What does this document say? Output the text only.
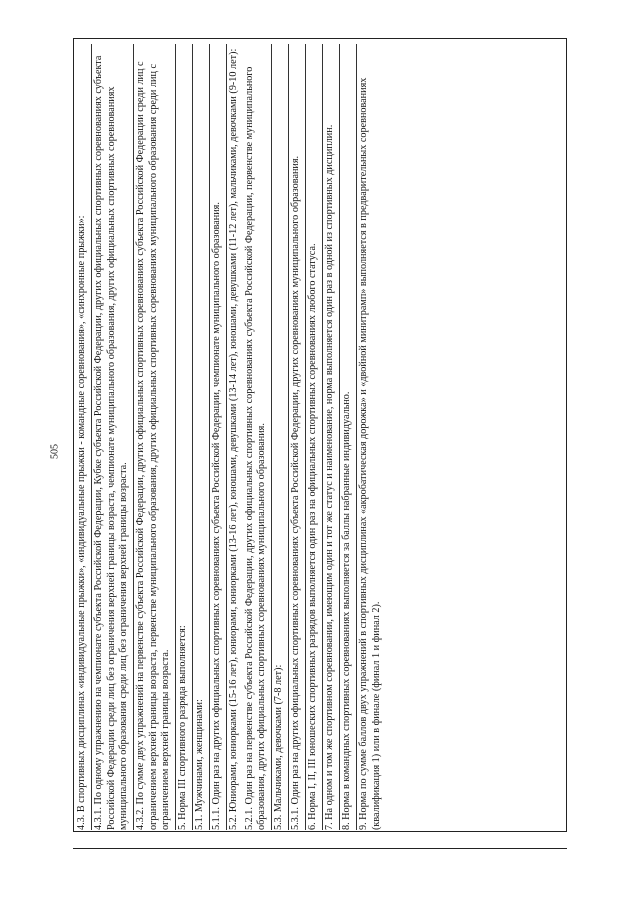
505 4.3. В спортивных дисциплинах «индивидуальные прыжки», «индивидуальные прыжки - командные соревнования», «синхронные прыжки»: 4.3.1. По одному упражнению на чемпионате субъекта Российской Федерации, Кубке субъекта Российской Федерации, других официальных спортивных соревнованиях субъекта Российской Федерации среди лиц без ограничения верхней границы возраста, чемпионате муниципального образования, других официальных спортивных соревнованиях муниципального образования среди лиц без ограничения верхней границы возраста. 4.3.2. По сумме двух упражнений на первенстве субъекта Российской Федерации, других официальных спортивных соревнованиях субъекта Российской Федерации среди лиц с ограничением верхней границы возраста, первенстве муниципального образования, других официальных спортивных соревнованиях муниципального образования среди лиц с ограничением верхней границы возраста. 5. Норма III спортивного разряда выполняется: 5.1. Мужчинами, женщинами: 5.1.1. Один раз на других официальных спортивных соревнованиях субъекта Российской Федерации, чемпионате муниципального образования. 5.2. Юниорами, юниорками (15-16 лет), юниорами, юниорками (13-16 лет), юношами, девушками (13-14 лет), юношами, девушками (11-12 лет), мальчиками, девочками (9-10 лет): 5.2.1. Один раз на первенстве субъекта Российской Федерации, других официальных спортивных соревнованиях субъекта Российской Федерации, первенстве муниципального образования, других официальных спортивных соревнованиях муниципального образования. 5.3. Мальчиками, девочками (7-8 лет): 5.3.1. Один раз на других официальных спортивных соревнованиях субъекта Российской Федерации, других соревнованиях муниципального образования. 6. Норма I, II, III юношеских спортивных разрядов выполняется один раз на официальных спортивных соревнованиях любого статуса. 7. На одном и том же спортивном соревновании, имеющим один и тот же статус и наименование, норма выполняется один раз в одной из спортивных дисциплин. 8. Норма в командных спортивных соревнованиях выполняется за баллы набранные индивидуально. 9. Норма по сумме баллов двух упражнений в спортивных дисциплинах «акробатическая дорожка» и «двойной минитрамп» выполняется в предварительных соревнованиях (квалификация 1) или в финале (финал 1 и финал 2).
